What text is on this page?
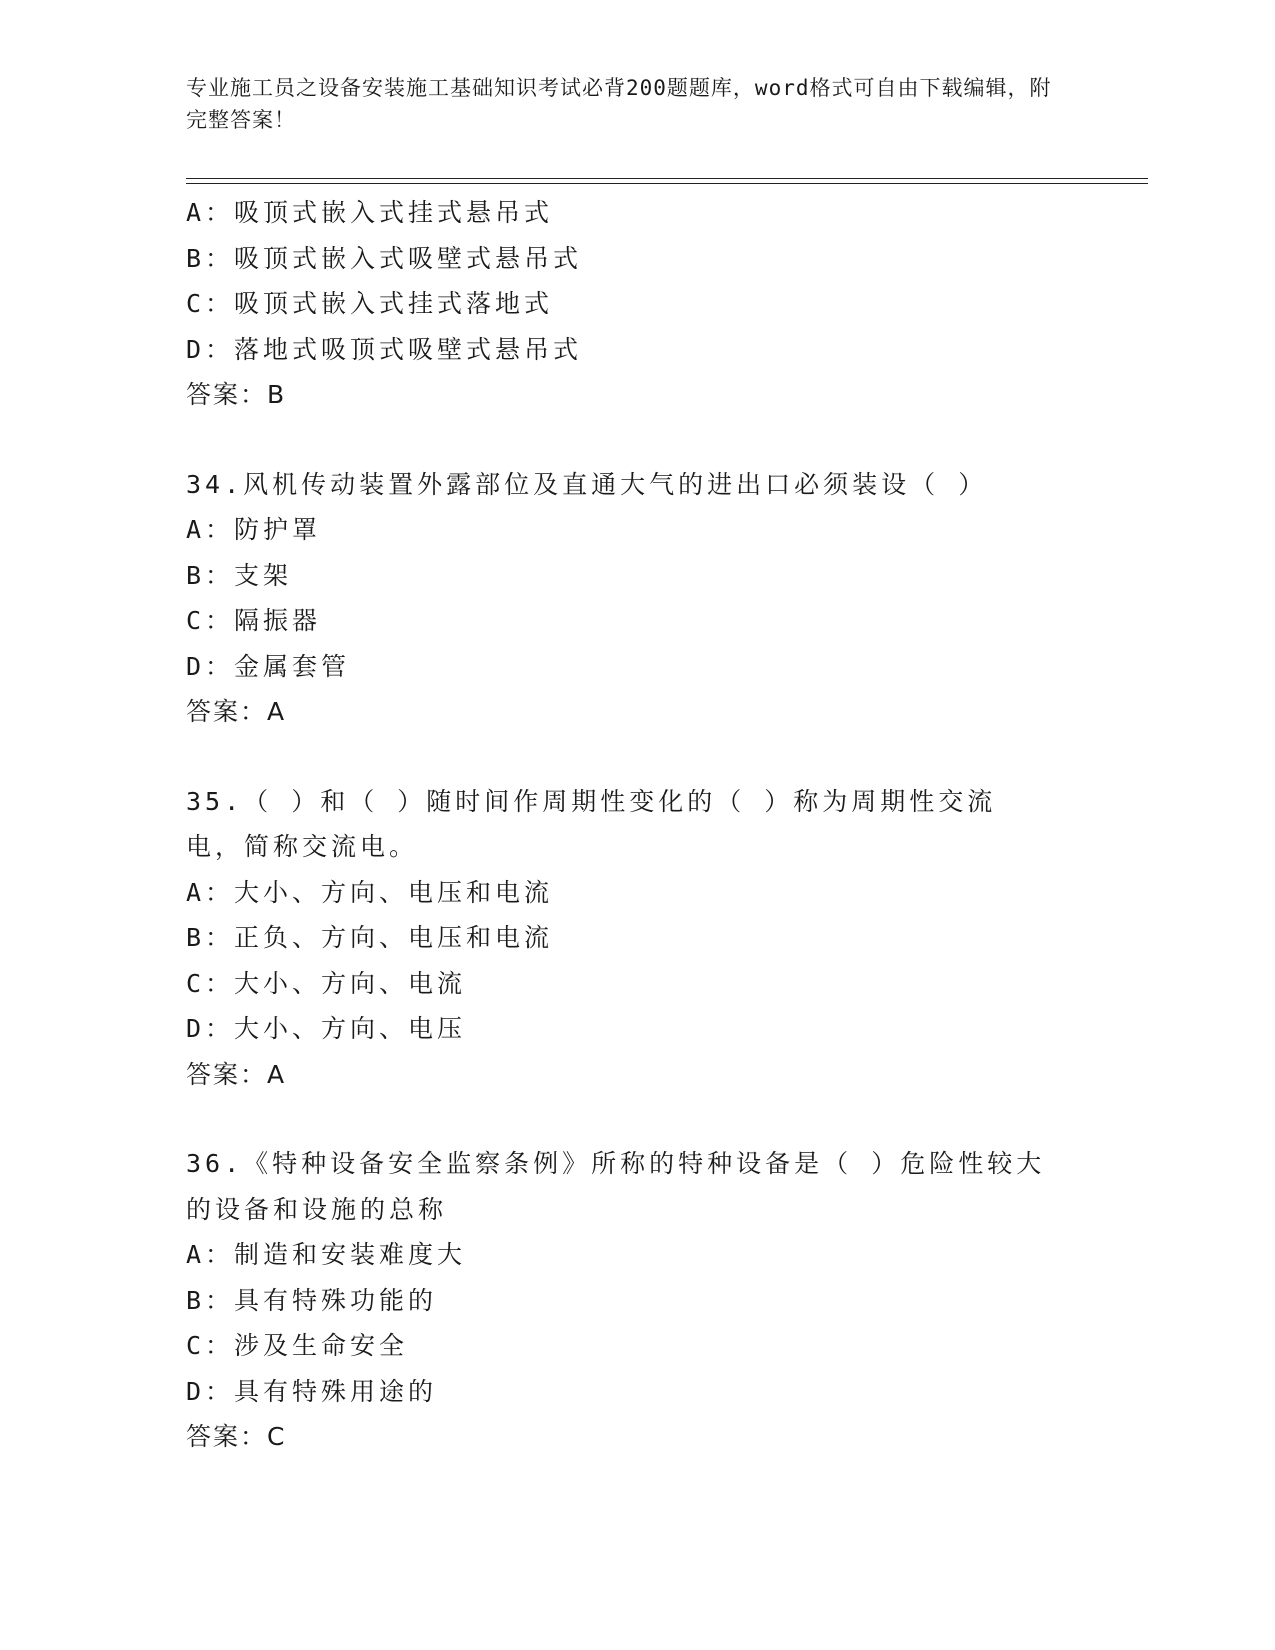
专业施工员之设备安装施工基础知识考试必背200题题库，word格式可自由下载编辑，附完整答案！
A：吸顶式嵌入式挂式悬吊式
B：吸顶式嵌入式吸壁式悬吊式
C：吸顶式嵌入式挂式落地式
D：落地式吸顶式吸壁式悬吊式
答案：B
34.风机传动装置外露部位及直通大气的进出口必须装设（ ）
A：防护罩
B：支架
C：隔振器
D：金属套管
答案：A
35.（ ）和（ ）随时间作周期性变化的（ ）称为周期性交流电，简称交流电。
A：大小、方向、电压和电流
B：正负、方向、电压和电流
C：大小、方向、电流
D：大小、方向、电压
答案：A
36.《特种设备安全监察条例》所称的特种设备是（ ）危险性较大的设备和设施的总称
A：制造和安装难度大
B：具有特殊功能的
C：涉及生命安全
D：具有特殊用途的
答案：C
